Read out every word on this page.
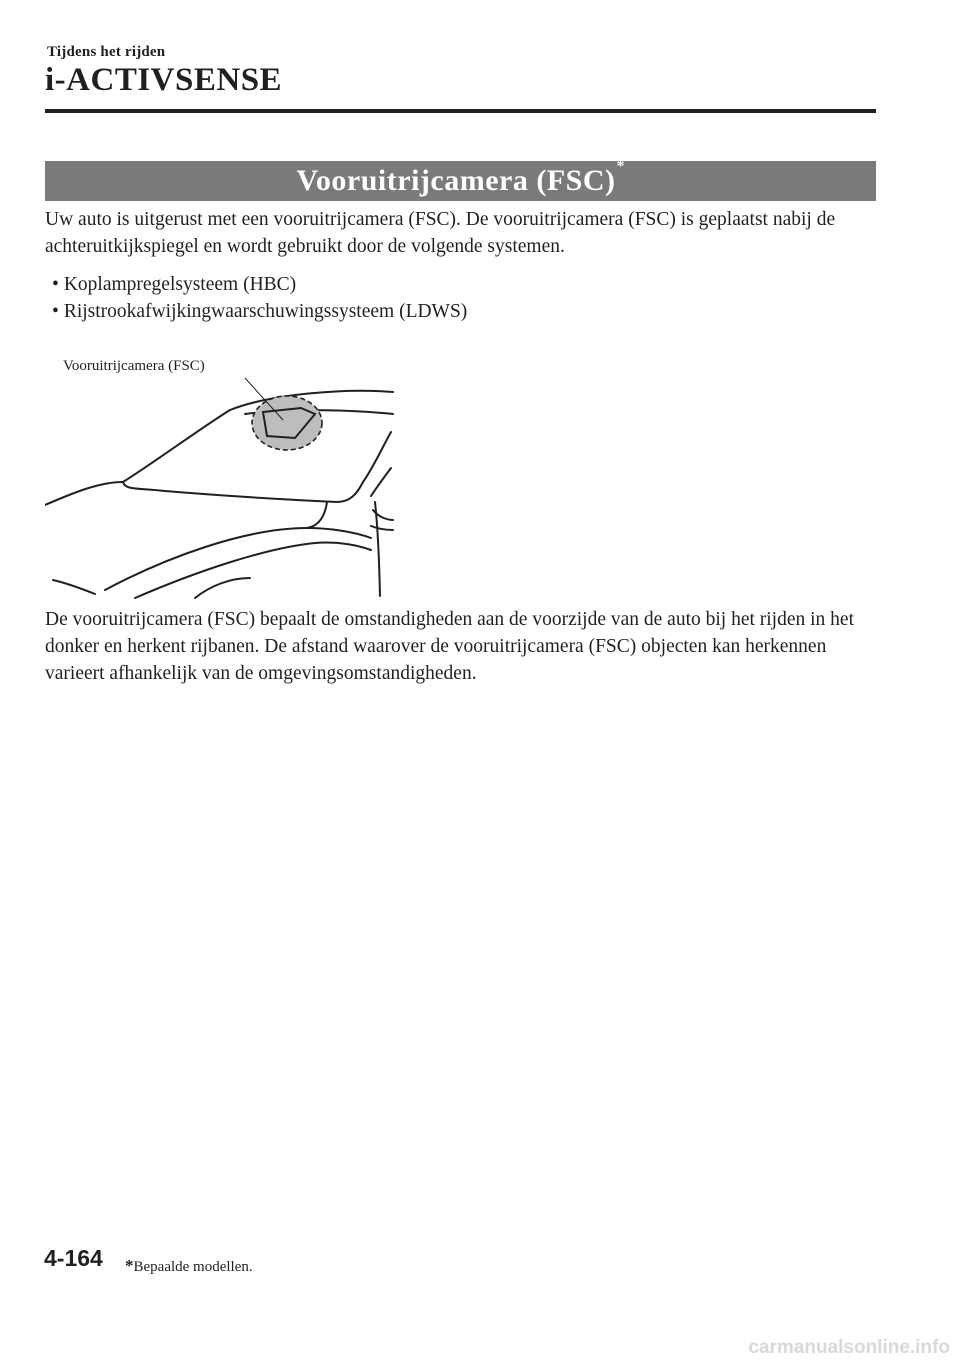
Tijdens het rijden
i-ACTIVSENSE
Vooruitrijcamera (FSC) *

Uw auto is uitgerust met een vooruitrijcamera (FSC). De vooruitrijcamera (FSC) is geplaatst nabij de achteruitkijkspiegel en wordt gebruikt door de volgende systemen.

• Koplampregelsysteem (HBC)
• Rijstrookafwijkingwaarschuwingssysteem (LDWS)
Vooruitrijcamera (FSC)

De vooruitrijcamera (FSC) bepaalt de omstandigheden aan de voorzijde van de auto bij het rijden in het donker en herkent rijbanen. De afstand waarover de vooruitrijcamera (FSC) objecten kan herkennen varieert afhankelijk van de omgevingsomstandigheden.

4-164 *Bepaalde modellen.
carmanualsonline.info
